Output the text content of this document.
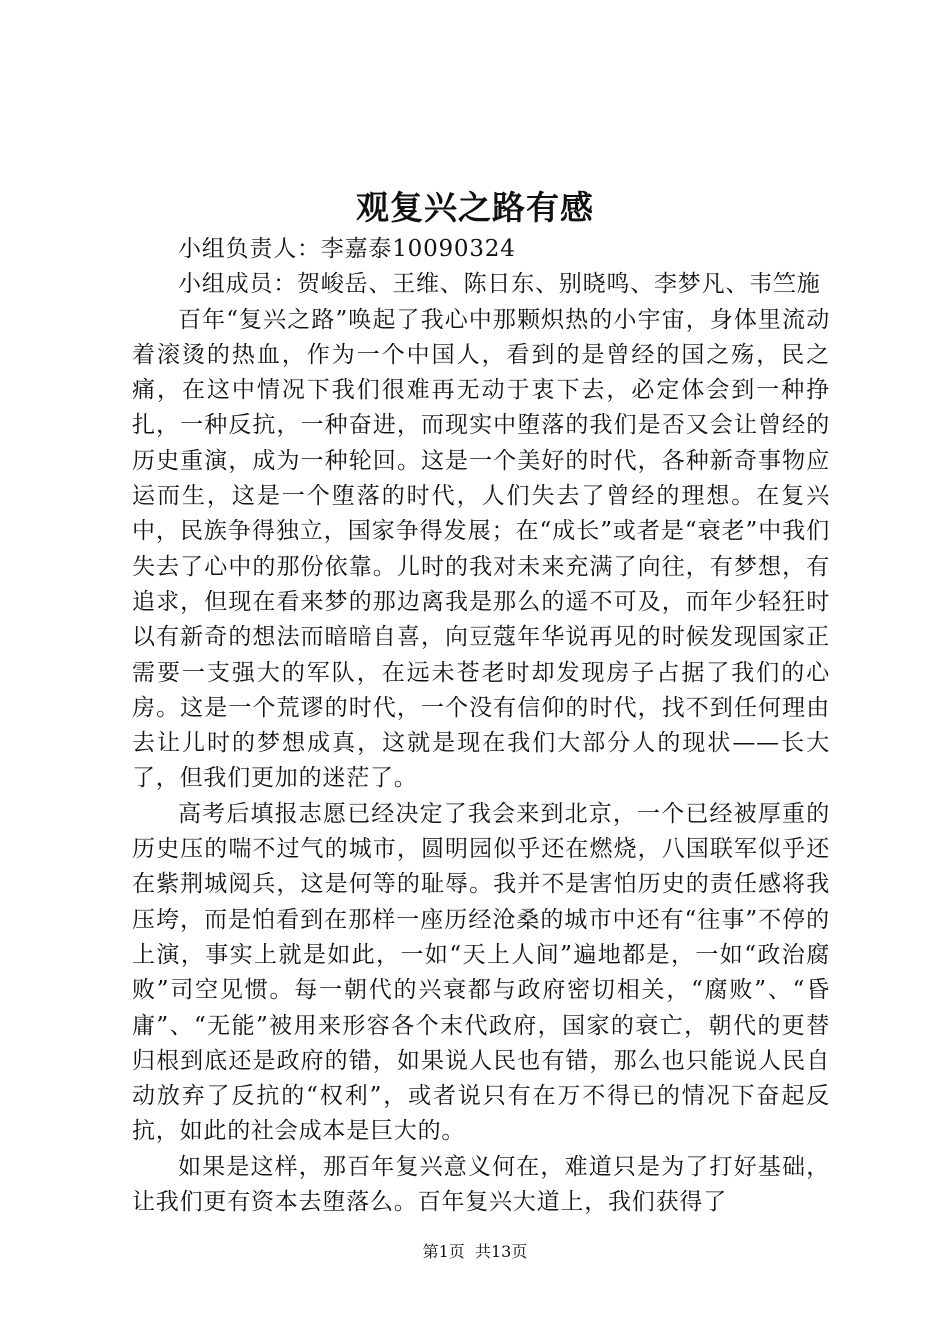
观复兴之路有感

小组负责人：李嘉泰10090324

小组成员：贺峻岳、王维、陈日东、别晓鸣、李梦凡、韦竺施

百年“复兴之路”唤起了我心中那颗炽热的小宇宙，身体里流动着滚烫的热血，作为一个中国人，看到的是曾经的国之殇，民之痛，在这中情况下我们很难再无动于衷下去，必定体会到一种挣扎，一种反抗，一种奋进，而现实中堕落的我们是否又会让曾经的历史重演，成为一种轮回。这是一个美好的时代，各种新奇事物应运而生，这是一个堕落的时代，人们失去了曾经的理想。在复兴中，民族争得独立，国家争得发展；在“成长”或者是“衰老”中我们失去了心中的那份依靠。儿时的我对未来充满了向往，有梦想，有追求，但现在看来梦的那边离我是那么的遥不可及，而年少轻狂时以有新奇的想法而暗暗自喜，向豆蔻年华说再见的时候发现国家正需要一支强大的军队，在远未苍老时却发现房子占据了我们的心房。这是一个荒谬的时代，一个没有信仰的时代，找不到任何理由去让儿时的梦想成真，这就是现在我们大部分人的现状——长大了，但我们更加的迷茫了。

高考后填报志愿已经决定了我会来到北京，一个已经被厚重的历史压的喘不过气的城市，圆明园似乎还在燃烧，八国联军似乎还在紫荆城阅兵，这是何等的耻辱。我并不是害怕历史的责任感将我压垮，而是怕看到在那样一座历经沧桑的城市中还有“往事”不停的上演，事实上就是如此，一如“天上人间”遍地都是，一如“政治腐败”司空见惯。每一朝代的兴衰都与政府密切相关，“腐败”、“昏庸”、“无能”被用来形容各个末代政府，国家的衰亡，朝代的更替归根到底还是政府的错，如果说人民也有错，那么也只能说人民自动放弃了反抗的“权利”，或者说只有在万不得已的情况下奋起反抗，如此的社会成本是巨大的。

如果是这样，那百年复兴意义何在，难道只是为了打好基础，让我们更有资本去堕落么。百年复兴大道上，我们获得了

第1页 共13页
